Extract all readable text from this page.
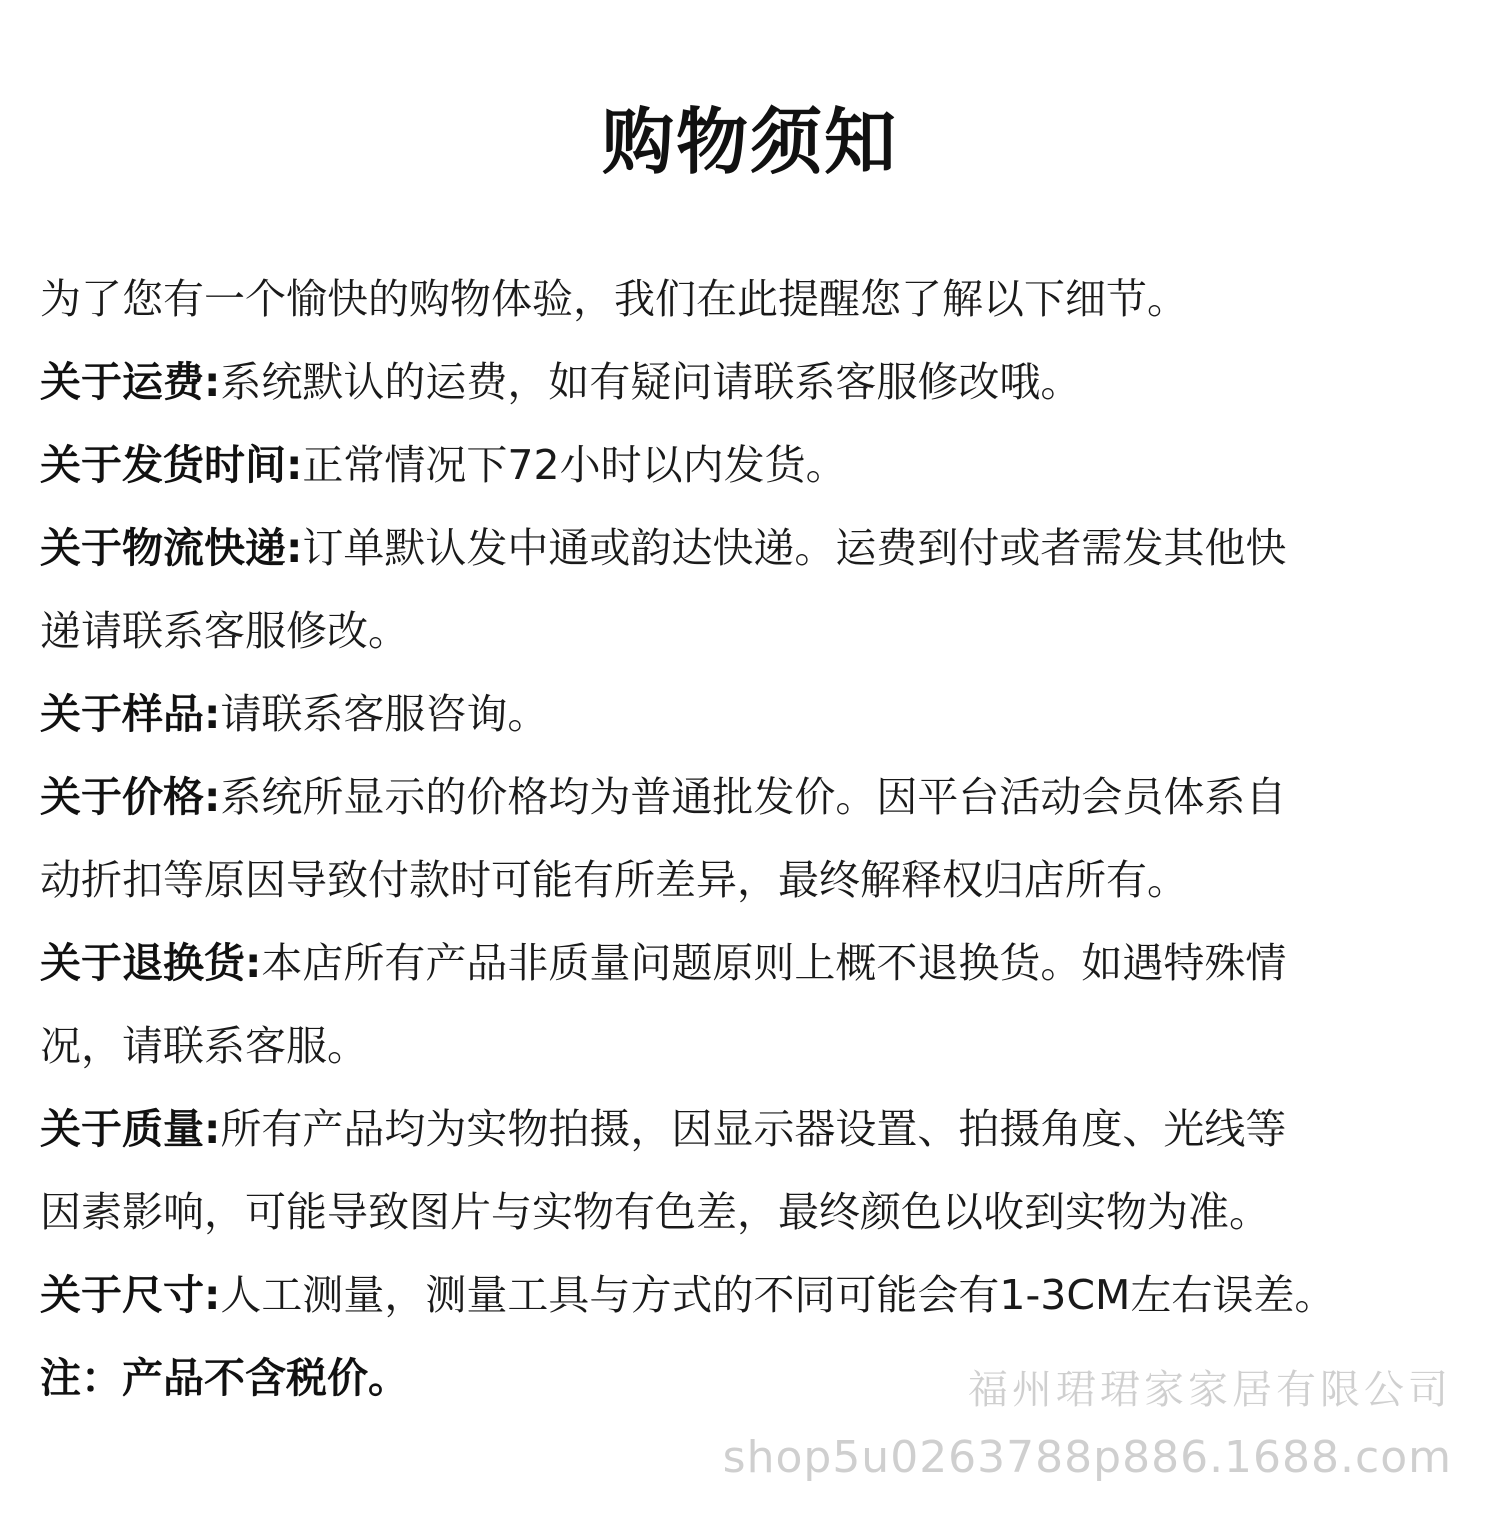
购物须知
为了您有一个愉快的购物体验，我们在此提醒您了解以下细节。
关于运费:系统默认的运费，如有疑问请联系客服修改哦。
关于发货时间:正常情况下72小时以内发货。
关于物流快递:订单默认发中通或韵达快递。运费到付或者需发其他快
递请联系客服修改。
关于样品:请联系客服咨询。
关于价格:系统所显示的价格均为普通批发价。因平台活动会员体系自
动折扣等原因导致付款时可能有所差异，最终解释权归店所有。
关于退换货:本店所有产品非质量问题原则上概不退换货。如遇特殊情
况，请联系客服。
关于质量:所有产品均为实物拍摄，因显示器设置、拍摄角度、光线等
因素影响，可能导致图片与实物有色差，最终颜色以收到实物为准。
关于尺寸:人工测量，测量工具与方式的不同可能会有1-3CM左右误差。
注：产品不含税价。	福州珺珺家家居有限公司
shop5u0263788p886.1688.com
